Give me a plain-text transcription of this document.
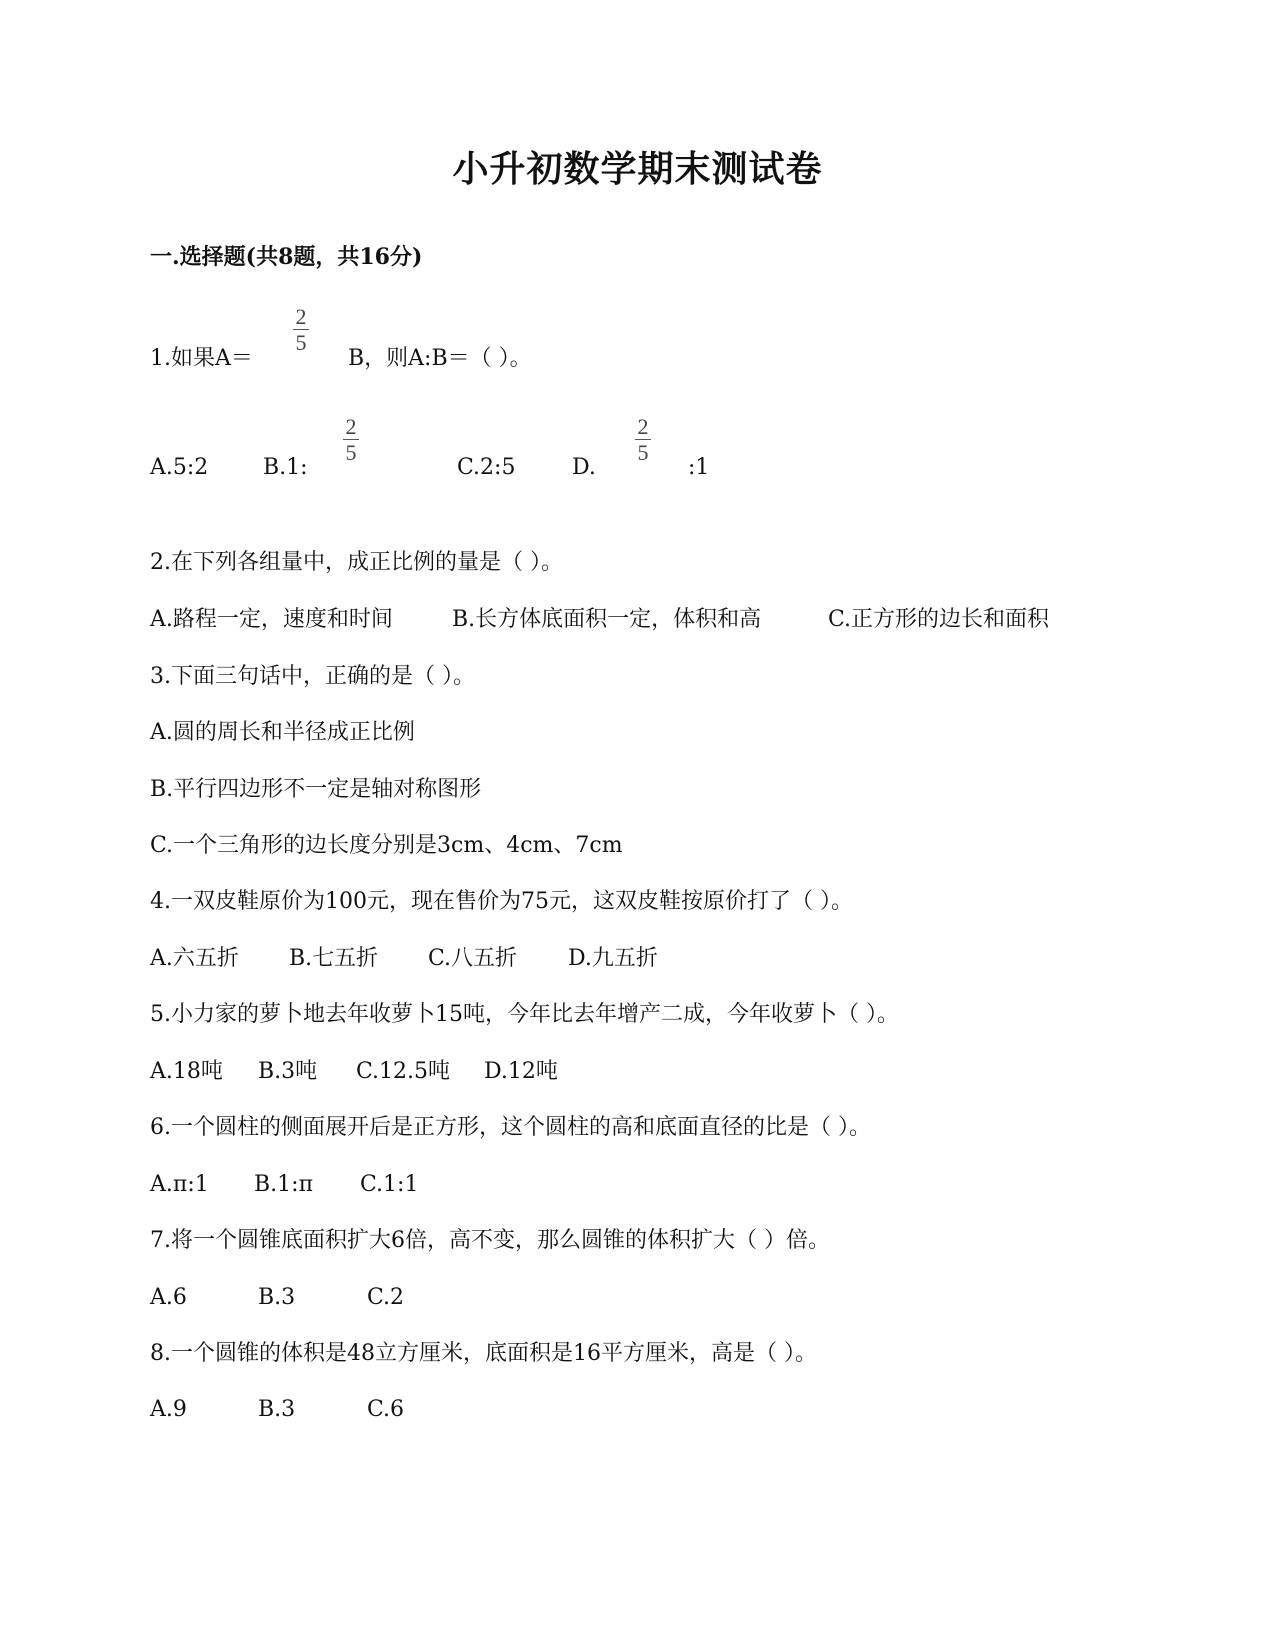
小升初数学期末测试卷
一.选择题(共8题，共16分)
1.如果A＝
2
5
B，则A:B＝（ ）。
A.5:2 B.1:
2
5
C.2:5	D.
2
5
:1
2.在下列各组量中，成正比例的量是（ ）。
A.路程一定，速度和时间	B.长方体底面积一定，体积和高	C.正方形的边长和面积
3.下面三句话中，正确的是（ ）。
A.圆的周长和半径成正比例
B.平行四边形不一定是轴对称图形
C.一个三角形的边长度分别是3cm、4cm、7cm
4.一双皮鞋原价为100元，现在售价为75元，这双皮鞋按原价打了（ ）。
A.六五折 B.七五折 C.八五折 D.九五折
5.小力家的萝卜地去年收萝卜15吨，今年比去年增产二成，今年收萝卜（ ）。
A.18吨 B.3吨 C.12.5吨 D.12吨
6.一个圆柱的侧面展开后是正方形，这个圆柱的高和底面直径的比是（ ）。
A.π:1 B.1:π C.1:1
7.将一个圆锥底面积扩大6倍，高不变，那么圆锥的体积扩大（ ）倍。
A.6	B.3	C.2
8.一个圆锥的体积是48立方厘米，底面积是16平方厘米，高是（ ）。
A.9	B.3	C.6
